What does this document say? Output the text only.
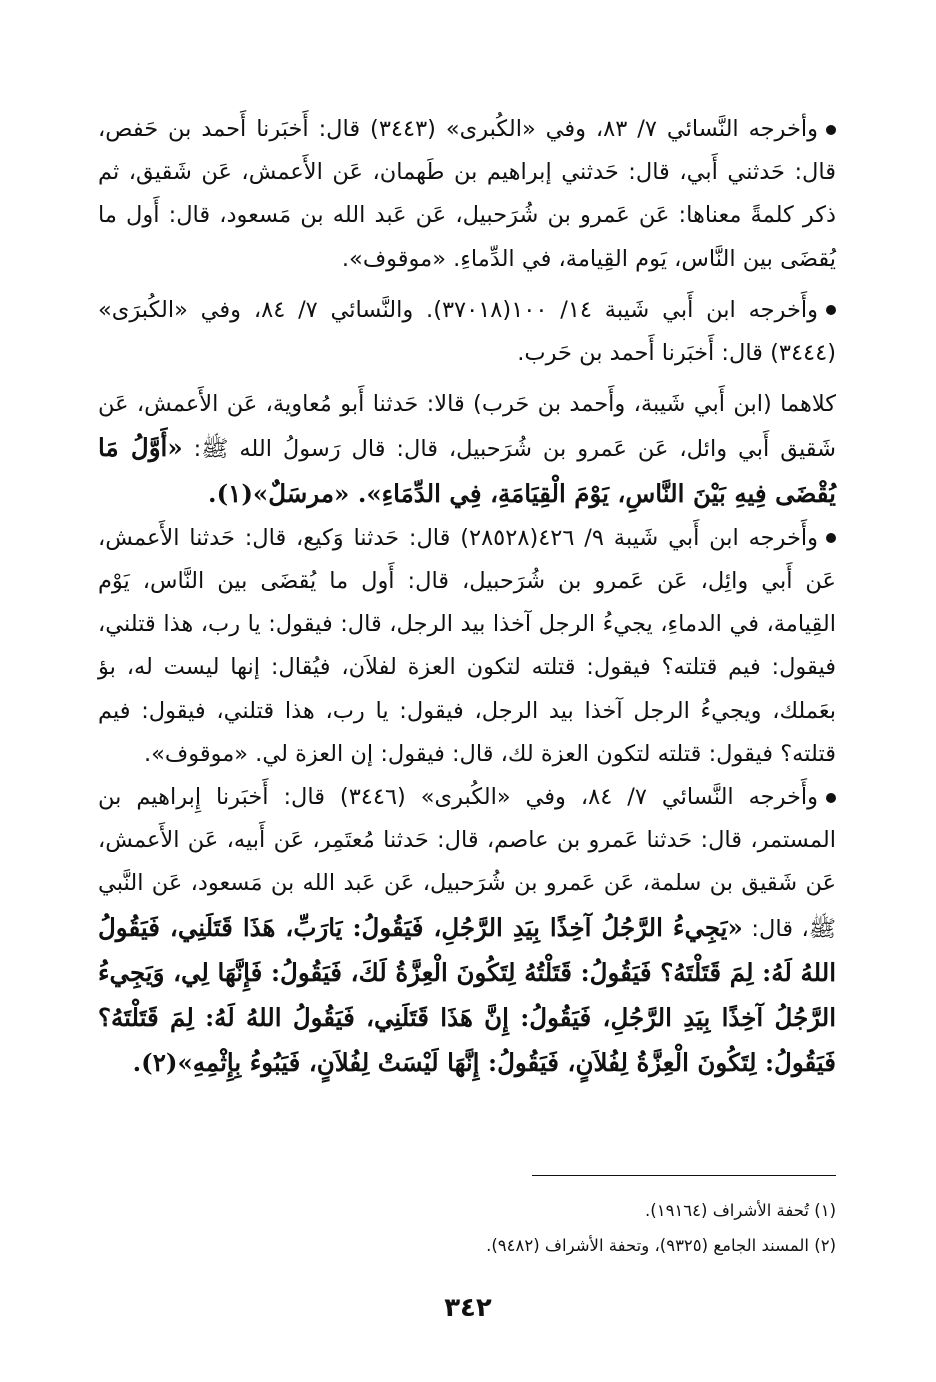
وأخرجه النَّسائي ٧/ ٨٣، وفي «الكُبرى» (٣٤٤٣) قال: أَخبَرنا أَحمد بن حَفص، قال: حَدثني أَبي، قال: حَدثني إبراهيم بن طَهمان، عَن الأَعمش، عَن شَقيق، ثم ذكر كلمةً معناها: عَن عَمرو بن شُرَحبيل، عَن عَبد الله بن مَسعود، قال: أَول ما يُقضَى بين النَّاس، يَوم القِيامة، في الدِّماءِ. «موقوف».

وأَخرجه ابن أَبي شَيبة ١٤/ ١٠٠(٣٧٠١٨). والنَّسائي ٧/ ٨٤، وفي «الكُبرَى» (٣٤٤٤) قال: أَخبَرنا أَحمد بن حَرب.

كلاهما (ابن أَبي شَيبة، وأَحمد بن حَرب) قالا: حَدثنا أَبو مُعاوية، عَن الأَعمش، عَن شَقيق أَبي وائل، عَن عَمرو بن شُرَحبيل، قال: قال رَسولُ الله ﷺ: «أَوَّلُ مَا يُقْضَى فِيهِ بَيْنَ النَّاسِ، يَوْمَ الْقِيَامَةِ، فِي الدِّمَاءِ». «مرسَلٌ»(١).

وأَخرجه ابن أَبي شَيبة ٩/ ٤٢٦(٢٨٥٢٨) قال: حَدثنا وَكيع، قال: حَدثنا الأَعمش، عَن أَبي وائِل، عَن عَمرو بن شُرَحبيل، قال: أَول ما يُقضَى بين النَّاس، يَوْم القِيامة، في الدماءِ، يجيءُ الرجل آخذا بيد الرجل، قال: فيقول: يا رب، هذا قتلني، فيقول: فيم قتلته؟ فيقول: قتلته لتكون العزة لفلاَن، فيُقال: إنها ليست له، بؤ بعَملك، ويجيءُ الرجل آخذا بيد الرجل، فيقول: يا رب، هذا قتلني، فيقول: فيم قتلته؟ فيقول: قتلته لتكون العزة لك، قال: فيقول: إن العزة لي. «موقوف».

وأَخرجه النَّسائي ٧/ ٨٤، وفي «الكُبرى» (٣٤٤٦) قال: أَخبَرنا إِبراهيم بن المستمر، قال: حَدثنا عَمرو بن عاصم، قال: حَدثنا مُعتَمِر، عَن أَبيه، عَن الأَعمش، عَن شَقيق بن سلمة، عَن عَمرو بن شُرَحبيل، عَن عَبد الله بن مَسعود، عَن النَّبي ﷺ، قال: «يَجِيءُ الرَّجُلُ آخِذًا بِيَدِ الرَّجُلِ، فَيَقُولُ: يَارَبِّ، هَذَا قَتَلَنِي، فَيَقُولُ اللهُ لَهُ: لِمَ قَتَلْتَهُ؟ فَيَقُولُ: قَتَلْتُهُ لِتَكُونَ الْعِزَّةُ لَكَ، فَيَقُولُ: فَإِنَّهَا لِي، وَيَجِيءُ الرَّجُلُ آخِذًا بِيَدِ الرَّجُلِ، فَيَقُولُ: إِنَّ هَذَا قَتَلَنِي، فَيَقُولُ اللهُ لَهُ: لِمَ قَتَلْتَهُ؟ فَيَقُولُ: لِتَكُونَ الْعِزَّةُ لِفُلاَنٍ، فَيَقُولُ: إِنَّهَا لَيْسَتْ لِفُلاَنٍ، فَيَبُوءُ بِإِثْمِهِ»(٢).

(١) تُحفة الأشراف (١٩١٦٤).

(٢) المسند الجامع (٩٣٢٥)، وتحفة الأشراف (٩٤٨٢).

٣٤٢
